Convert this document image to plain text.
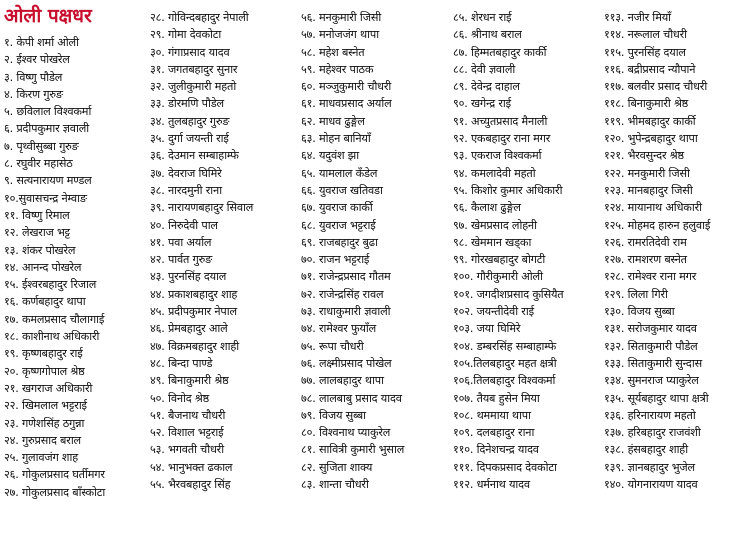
ओली पक्षधर
१. केपी शर्मा ओली
२. ईश्वर पोखरेल
३. विष्णु पौडेल
४. किरण गुरुङ
५. छविलाल विश्वकर्मा
६. प्रदीपकुमार ज्ञवाली
७. पृथ्वीसुब्बा गुरुङ
८. रघुवीर महासेठ
९. सत्यनारायण मण्डल
१०.सुवासचन्द्र नेम्वाङ
११. विष्णु रिमाल
१२. लेखराज भट्ट
१३. शंकर पोखरेल
१४. आनन्द पोखरेल
१५. ईश्वरबहादुर रिजाल
१६. कर्णबहादुर थापा
१७. कमलप्रसाद चौलागाई
१८. काशीनाथ अधिकारी
१९. कृष्णबहादुर राई
२०. कृष्णगोपाल श्रेष्ठ
२१. खगराज अधिकारी
२२. खिमलाल भट्टराई
२३. गणेशसिंह ठगुन्ना
२४. गुरुप्रसाद बराल
२५. गुलावजंग शाह
२६. गोकुलप्रसाद घर्तीमगर
२७. गोकुलप्रसाद बाँस्कोटा
२८. गोविन्दबहादुर नेपाली
२९. गोमा देवकोटा
३०. गंगाप्रसाद यादव
३१. जगतबहादुर सुनार
३२. जुलीकुमारी महतो
३३. डोरमणि पौडेल
३४. तुलबहादुर गुरुङ
३५. दुर्गा जयन्ती राई
३६. देउमान सम्बाहाम्फे
३७. देवराज घिमिरे
३८. नारदमुनी राना
३९. नारायणबहादुर सिवाल
४०. निरुदेवी पाल
४१. पवा अर्याल
४२. पार्वत गुरुङ
४३. पुरनसिंह दयाल
४४. प्रकाशबहादुर शाह
४५. प्रदीपकुमार नेपाल
४६. प्रेमबहादुर आले
४७. विक्रमबहादुर शाही
४८. बिन्दा पाण्डे
४९. बिनाकुमारी श्रेष्ठ
५०. विनोद श्रेष्ठ
५१. बैजनाथ चौधरी
५२. विशाल भट्टराई
५३. भगवती चौधरी
५४. भानुभक्त ढकाल
५५. भैरवबहादुर सिंह
५६. मनकुमारी जिसी
५७. मनोजजंग थापा
५८. महेश बस्नेत
५९. महेश्वर पाठक
६०. मञ्जुकुमारी चौधरी
६१. माधवप्रसाद अर्याल
६२. माधव ढुङ्गेल
६३. मोहन बानियाँ
६४. यदुवंश झा
६५. यामलाल कँडेल
६६. युवराज खतिवडा
६७. युवराज कार्की
६८. युवराज भट्टराई
६९. राजबहादुर बुढा
७०. राजन भट्टराई
७१. राजेन्द्रप्रसाद गौतम
७२. राजेन्द्रसिंह रावल
७३. राधाकुमारी ज्ञवाली
७४. रामेश्वर फुयाँल
७५. रूपा चौधरी
७६. लक्ष्मीप्रसाद पोखेल
७७. लालबहादुर थापा
७८. लालबाबु प्रसाद यादव
७९. विजय सुब्बा
८०. विश्वनाथ प्याकुरेल
८१. सावित्री कुमारी भुसाल
८२. सुजिता शाक्य
८३. शान्ता चौधरी
८५. शेरधन राई
८६. श्रीनाथ बराल
८७. हिम्मतबहादुर कार्की
८८. देवी ज्ञवाली
८९. देवेन्द्र दाहाल
९०. खगेन्द्र राई
९१. अच्युतप्रसाद मैनाली
९२. एकबहादुर राना मगर
९३. एकराज विश्वकर्मा
९४. कमलादेवी महतो
९५. किशोर कुमार अधिकारी
९६. कैलाश ढुङ्गेल
९७. खेमप्रसाद लोहनी
९८. खेममान खड्का
९९. गोरखबहादुर बोगटी
१००. गौरीकुमारी ओली
१०१. जगदीशप्रसाद कुसियैत
१०२. जयन्तीदेवी राई
१०३. जया घिमिरे
१०४. डम्बरसिंह सम्बाहाम्फे
१०५.तिलबहादुर महत क्षत्री
१०६.तिलबहादुर विश्वकर्मा
१०७. तैयब हुसेन मिया
१०८. थममाया थापा
१०९. दलबहादुर राना
११०. दिनेशचन्द्र यादव
१११. दिपकप्रसाद देवकोटा
११२. धर्मनाथ यादव
११३. नजीर मियाँ
११४. नरूलाल चौधरी
११५. पुरनसिंह दयाल
११६. बद्रीप्रसाद न्यौपाने
११७. बलवीर प्रसाद चौधरी
११८. बिनाकुमारी श्रेष्ठ
११९. भीमबहादुर कार्की
१२०. भुपेन्द्रबहादुर थापा
१२१. भैरवसुन्दर श्रेष्ठ
१२२. मनकुमारी जिसी
१२३. मानबहादुर जिसी
१२४. मायानाथ अधिकारी
१२५. मोहमद हारुन हलुवाई
१२६. रामरतिदेवी राम
१२७. रामशरण बस्नेत
१२८. रामेश्वर राना मगर
१२९. लिला गिरी
१३०. विजय सुब्बा
१३१. सरोजकुमार यादव
१३२. सिताकुमारी पौडेल
१३३. सिताकुमारी सुन्दास
१३४. सुमनराज प्याकुरेल
१३५. सूर्यबहादुर थापा क्षत्री
१३६. हरिनारायण महतो
१३७. हरिबहादुर राजवंशी
१३८. हंसबहादुर शाही
१३९. ज्ञानबहादुर भुजेल
१४०. योगनारायण यादव
